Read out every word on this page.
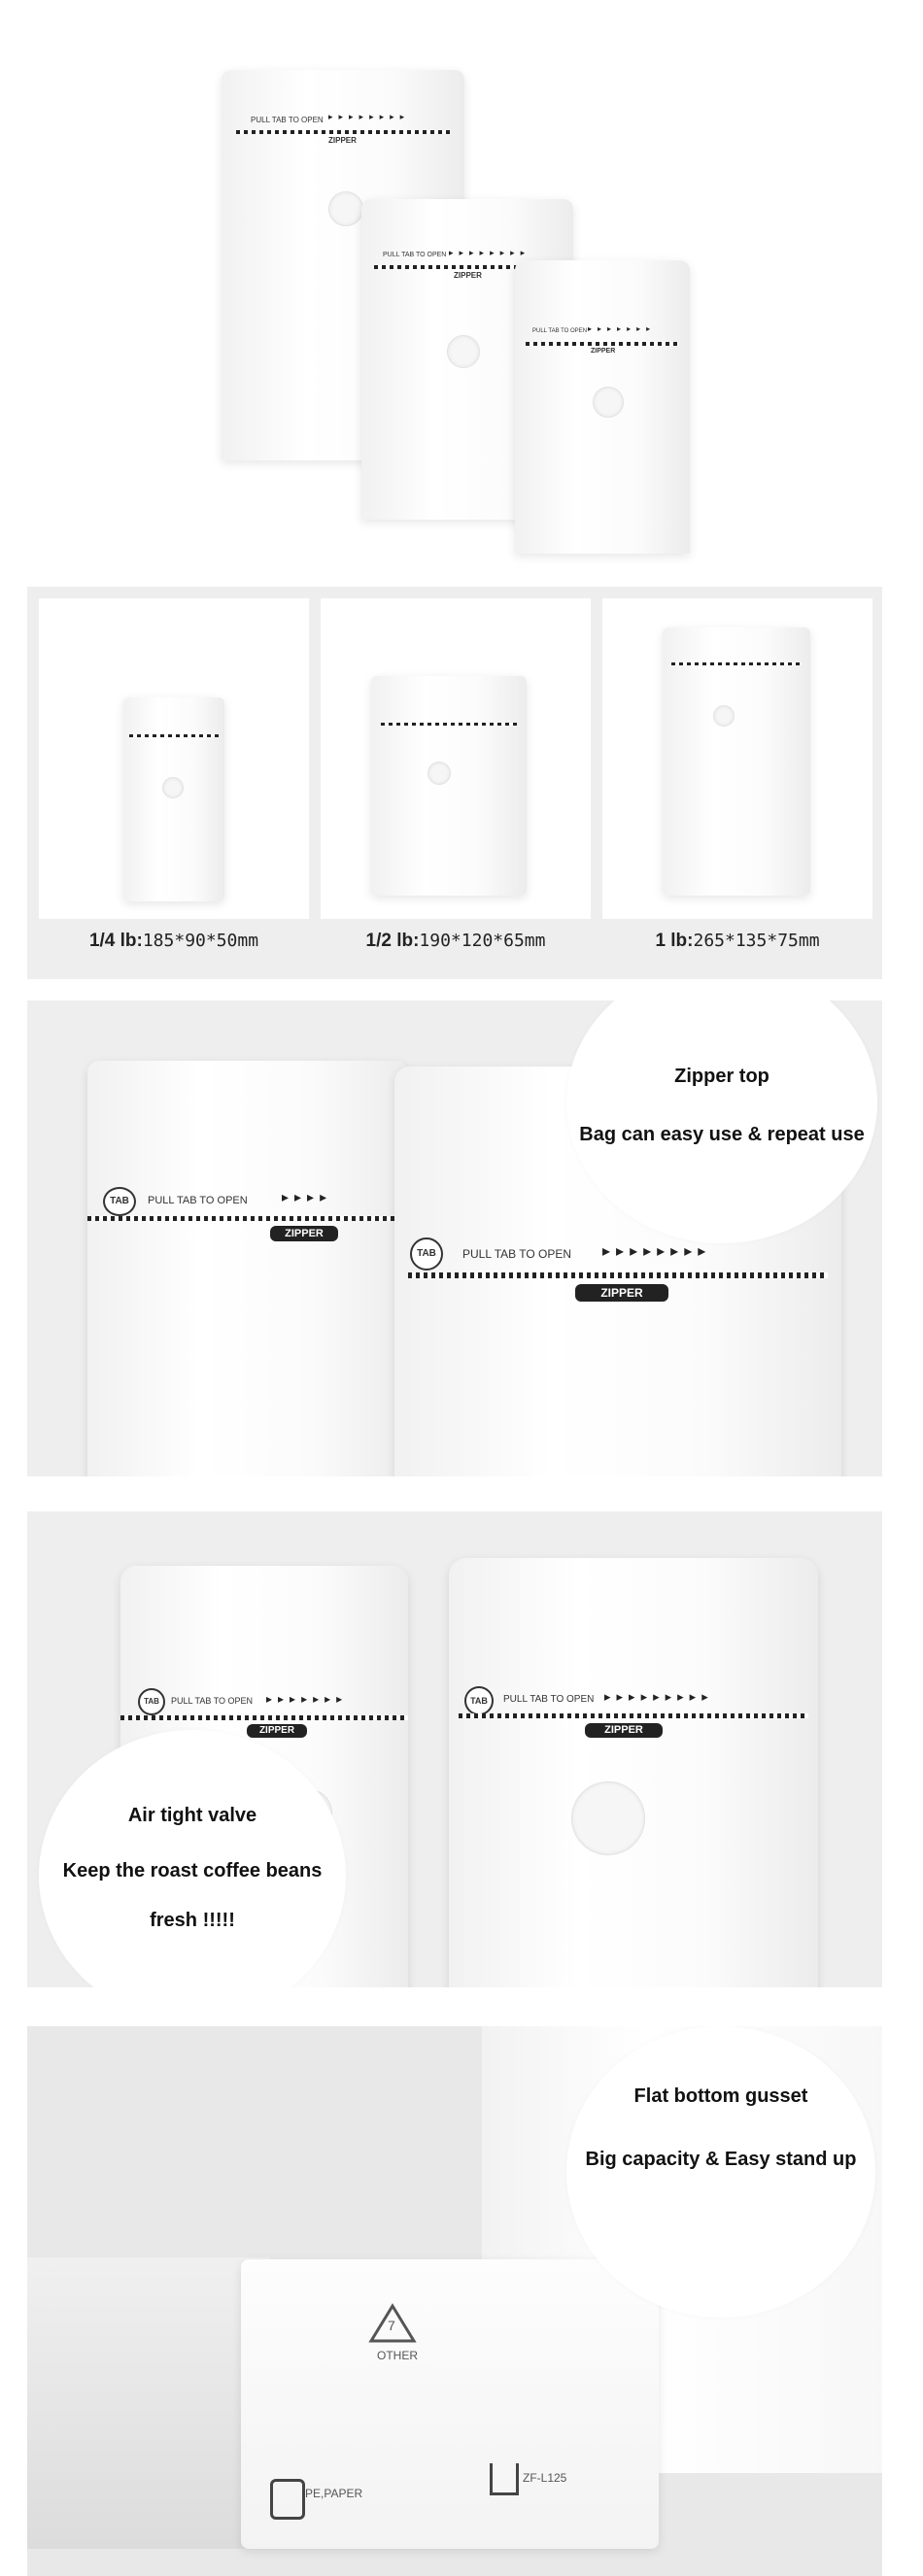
PULL TAB TO OPEN ▸▸▸▸▸▸▸▸
ZIPPER
PULL TAB TO OPEN ▸▸▸▸▸▸▸▸
ZIPPER
PULL TAB TO OPEN ▸▸▸▸▸▸▸
ZIPPER
1/4 lb:185*90*50mm	1/2 lb:190*120*65mm	1 lb:265*135*75mm
TAB	PULL TAB TO OPEN	▸▸▸▸
ZIPPER
TAB	PULL TAB TO OPEN ▸▸▸▸▸▸▸▸
ZIPPER
Zipper top
Bag can easy use & repeat use
TAB	PULL TAB TO OPEN ▸▸▸▸▸▸▸
ZIPPER
TAB	PULL TAB TO OPEN ▸▸▸▸▸▸▸▸▸
ZIPPER
Air tight valve
Keep the roast coffee beans
fresh !!!!!
7
OTHER
PE,PAPER
ZF-L125
Flat bottom gusset
Big capacity & Easy stand up
